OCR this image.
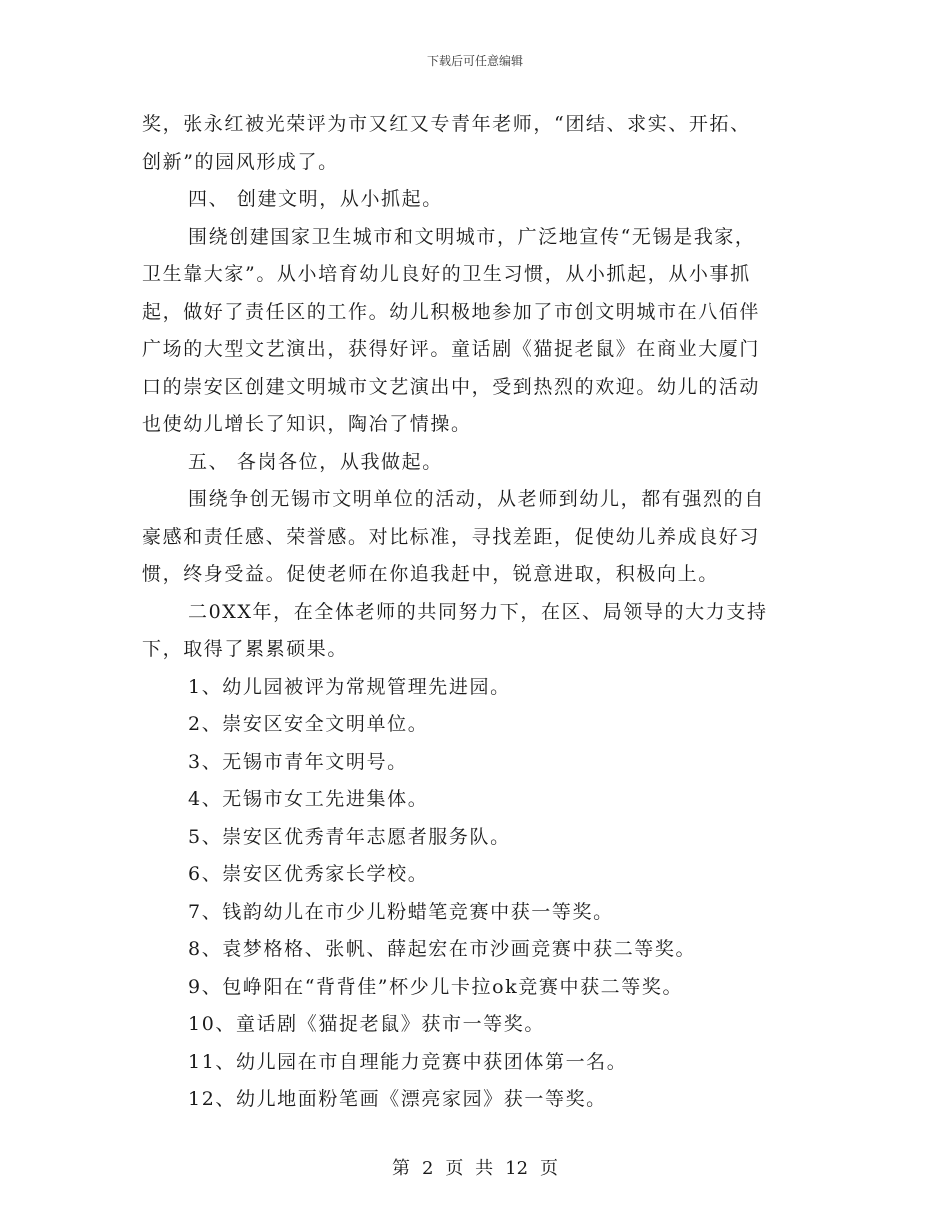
下载后可任意编辑
奖，张永红被光荣评为市又红又专青年老师，“团结、求实、开拓、
创新”的园风形成了。
四、 创建文明，从小抓起。
围绕创建国家卫生城市和文明城市，广泛地宣传“无锡是我家，
卫生靠大家”。从小培育幼儿良好的卫生习惯，从小抓起，从小事抓
起，做好了责任区的工作。幼儿积极地参加了市创文明城市在八佰伴
广场的大型文艺演出，获得好评。童话剧《猫捉老鼠》在商业大厦门
口的崇安区创建文明城市文艺演出中，受到热烈的欢迎。幼儿的活动
也使幼儿增长了知识，陶冶了情操。
五、 各岗各位，从我做起。
围绕争创无锡市文明单位的活动，从老师到幼儿，都有强烈的自
豪感和责任感、荣誉感。对比标准，寻找差距，促使幼儿养成良好习
惯，终身受益。促使老师在你追我赶中，锐意进取，积极向上。
二0XX年，在全体老师的共同努力下，在区、局领导的大力支持
下，取得了累累硕果。
1、幼儿园被评为常规管理先进园。
2、崇安区安全文明单位。
3、无锡市青年文明号。
4、无锡市女工先进集体。
5、崇安区优秀青年志愿者服务队。
6、崇安区优秀家长学校。
7、钱韵幼儿在市少儿粉蜡笔竞赛中获一等奖。
8、袁梦格格、张帆、薛起宏在市沙画竞赛中获二等奖。
9、包峥阳在“背背佳”杯少儿卡拉ok竞赛中获二等奖。
10、童话剧《猫捉老鼠》获市一等奖。
11、幼儿园在市自理能力竞赛中获团体第一名。
12、幼儿地面粉笔画《漂亮家园》获一等奖。
第 2 页 共 12 页
